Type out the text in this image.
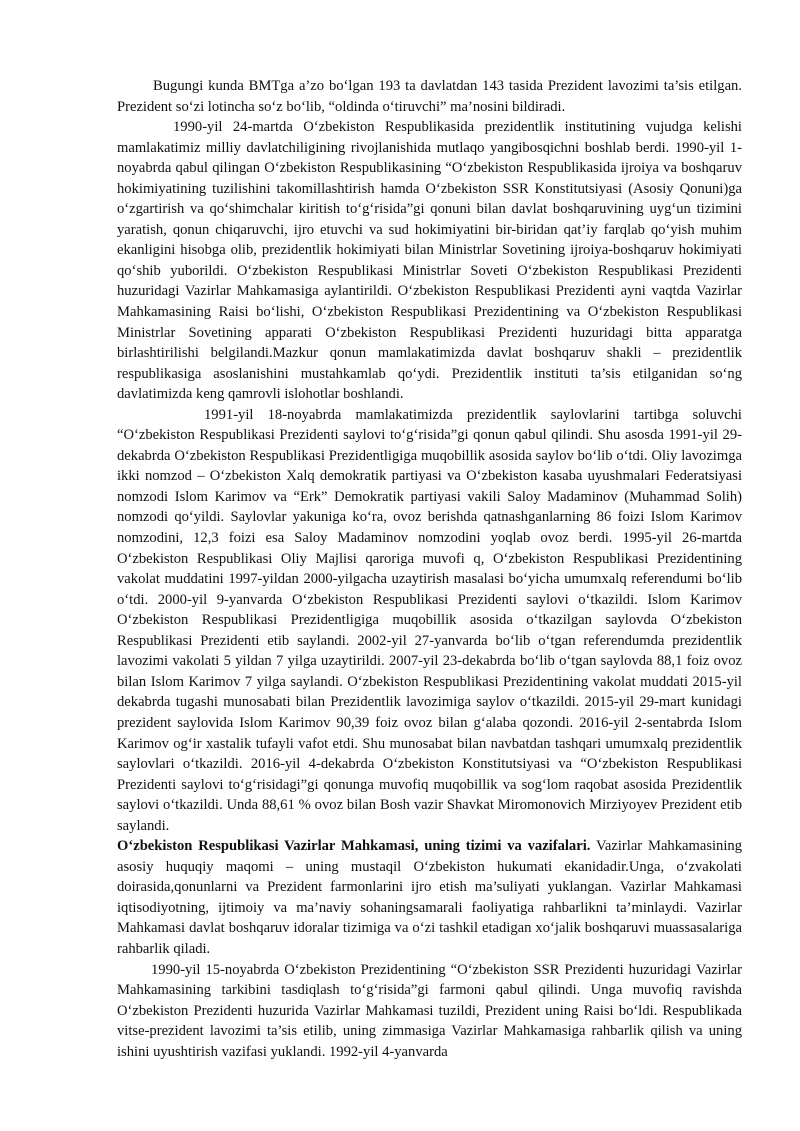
Bugungi kunda BMTga a’zo bo‘lgan 193 ta davlatdan 143 tasida Prezident lavozimi ta’sis etilgan. Prezident so‘zi lotincha so‘z bo‘lib, “oldinda o‘tiruvchi” ma’nosini bildiradi.

1990-yil 24-martda O‘zbekiston Respublikasida prezidentlik institutining vujudga kelishi mamlakatimiz milliy davlatchiligining rivojlanishida mutlaqo yangibosqichni boshlab berdi. 1990-yil 1-noyabrda qabul qilingan O‘zbekiston Respublikasining “O‘zbekiston Respublikasida ijroiya va boshqaruv hokimiyatining tuzilishini takomillashtirish hamda O‘zbekiston SSR Konstitutsiyasi (Asosiy Qonuni)ga o‘zgartirish va qo‘shimchalar kiritish to‘g‘risida”gi qonuni bilan davlat boshqaruvining uyg‘un tizimini yaratish, qonun chiqaruvchi, ijro etuvchi va sud hokimiyatini bir-biridan qat’iy farqlab qo‘yish muhim ekanligini hisobga olib, prezidentlik hokimiyati bilan Ministrlar Sovetining ijroiya-boshqaruv hokimiyati qo‘shib yuborildi. O‘zbekiston Respublikasi Ministrlar Soveti O‘zbekiston Respublikasi Prezidenti huzuridagi Vazirlar Mahkamasiga aylantirildi. O‘zbekiston Respublikasi Prezidenti ayni vaqtda Vazirlar Mahkamasining Raisi bo‘lishi, O‘zbekiston Respublikasi Prezidentining va O‘zbekiston Respublikasi Ministrlar Sovetining apparati O‘zbekiston Respublikasi Prezidenti huzuridagi bitta apparatga birlashtirilishi belgilandi.Mazkur qonun mamlakatimizda davlat boshqaruv shakli – prezidentlik respublikasiga asoslanishini mustahkamlab qo‘ydi. Prezidentlik instituti ta’sis etilganidan so‘ng davlatimizda keng qamrovli islohotlar boshlandi.

1991-yil 18-noyabrda mamlakatimizda prezidentlik saylovlarini tartibga soluvchi “O‘zbekiston Respublikasi Prezidenti saylovi to‘g‘risida”gi qonun qabul qilindi. Shu asosda 1991-yil 29-dekabrda O‘zbekiston Respublikasi Prezidentligiga muqobillik asosida saylov bo‘lib o‘tdi. Oliy lavozimga ikki nomzod – O‘zbekiston Xalq demokratik partiyasi va O‘zbekiston kasaba uyushmalari Federatsiyasi nomzodi Islom Karimov va “Erk” Demokratik partiyasi vakili Saloy Madaminov (Muhammad Solih) nomzodi qo‘yildi. Saylovlar yakuniga ko‘ra, ovoz berishda qatnashganlarning 86 foizi Islom Karimov nomzodini, 12,3 foizi esa Saloy Madaminov nomzodini yoqlab ovoz berdi. 1995-yil 26-martda O‘zbekiston Respublikasi Oliy Majlisi qaroriga muvofi q, O‘zbekiston Respublikasi Prezidentining vakolat muddatini 1997-yildan 2000-yilgacha uzaytirish masalasi bo‘yicha umumxalq referendumi bo‘lib o‘tdi. 2000-yil 9-yanvarda O‘zbekiston Respublikasi Prezidenti saylovi o‘tkazildi. Islom Karimov O‘zbekiston Respublikasi Prezidentligiga muqobillik asosida o‘tkazilgan saylovda O‘zbekiston Respublikasi Prezidenti etib saylandi. 2002-yil 27-yanvarda bo‘lib o‘tgan referendumda prezidentlik lavozimi vakolati 5 yildan 7 yilga uzaytirildi. 2007-yil 23-dekabrda bo‘lib o‘tgan saylovda 88,1 foiz ovoz bilan Islom Karimov 7 yilga saylandi. O‘zbekiston Respublikasi Prezidentining vakolat muddati 2015-yil dekabrda tugashi munosabati bilan Prezidentlik lavozimiga saylov o‘tkazildi. 2015-yil 29-mart kunidagi prezident saylovida Islom Karimov 90,39 foiz ovoz bilan g‘alaba qozondi. 2016-yil 2-sentabrda Islom Karimov og‘ir xastalik tufayli vafot etdi. Shu munosabat bilan navbatdan tashqari umumxalq prezidentlik saylovlari o‘tkazildi. 2016-yil 4-dekabrda O‘zbekiston Konstitutsiyasi va “O‘zbekiston Respublikasi Prezidenti saylovi to‘g‘risidagi”gi qonunga muvofiq muqobillik va sog‘lom raqobat asosida Prezidentlik saylovi o‘tkazildi. Unda 88,61 % ovoz bilan Bosh vazir Shavkat Miromonovich Mirziyoyev Prezident etib saylandi.

O‘zbekiston Respublikasi Vazirlar Mahkamasi, uning tizimi va vazifalari. Vazirlar Mahkamasining asosiy huquqiy maqomi – uning mustaqil O‘zbekiston hukumati ekanidadir.Unga, o‘zvakolati doirasida,qonunlarni va Prezident farmonlarini ijro etish ma’suliyati yuklangan. Vazirlar Mahkamasi iqtisodiyotning, ijtimoiy va ma’naviy sohaningsamarali faoliyatiga rahbarlikni ta’minlaydi. Vazirlar Mahkamasi davlat boshqaruv idoralar tizimiga va o‘zi tashkil etadigan xo‘jalik boshqaruvi muassasalariga rahbarlik qiladi.

1990-yil 15-noyabrda O‘zbekiston Prezidentining “O‘zbekiston SSR Prezidenti huzuridagi Vazirlar Mahkamasining tarkibini tasdiqlash to‘g‘risida”gi farmoni qabul qilindi. Unga muvofiq ravishda O‘zbekiston Prezidenti huzurida Vazirlar Mahkamasi tuzildi, Prezident uning Raisi bo‘ldi. Respublikada vitse-prezident lavozimi ta’sis etilib, uning zimmasiga Vazirlar Mahkamasiga rahbarlik qilish va uning ishini uyushtirish vazifasi yuklandi. 1992-yil 4-yanvarda
